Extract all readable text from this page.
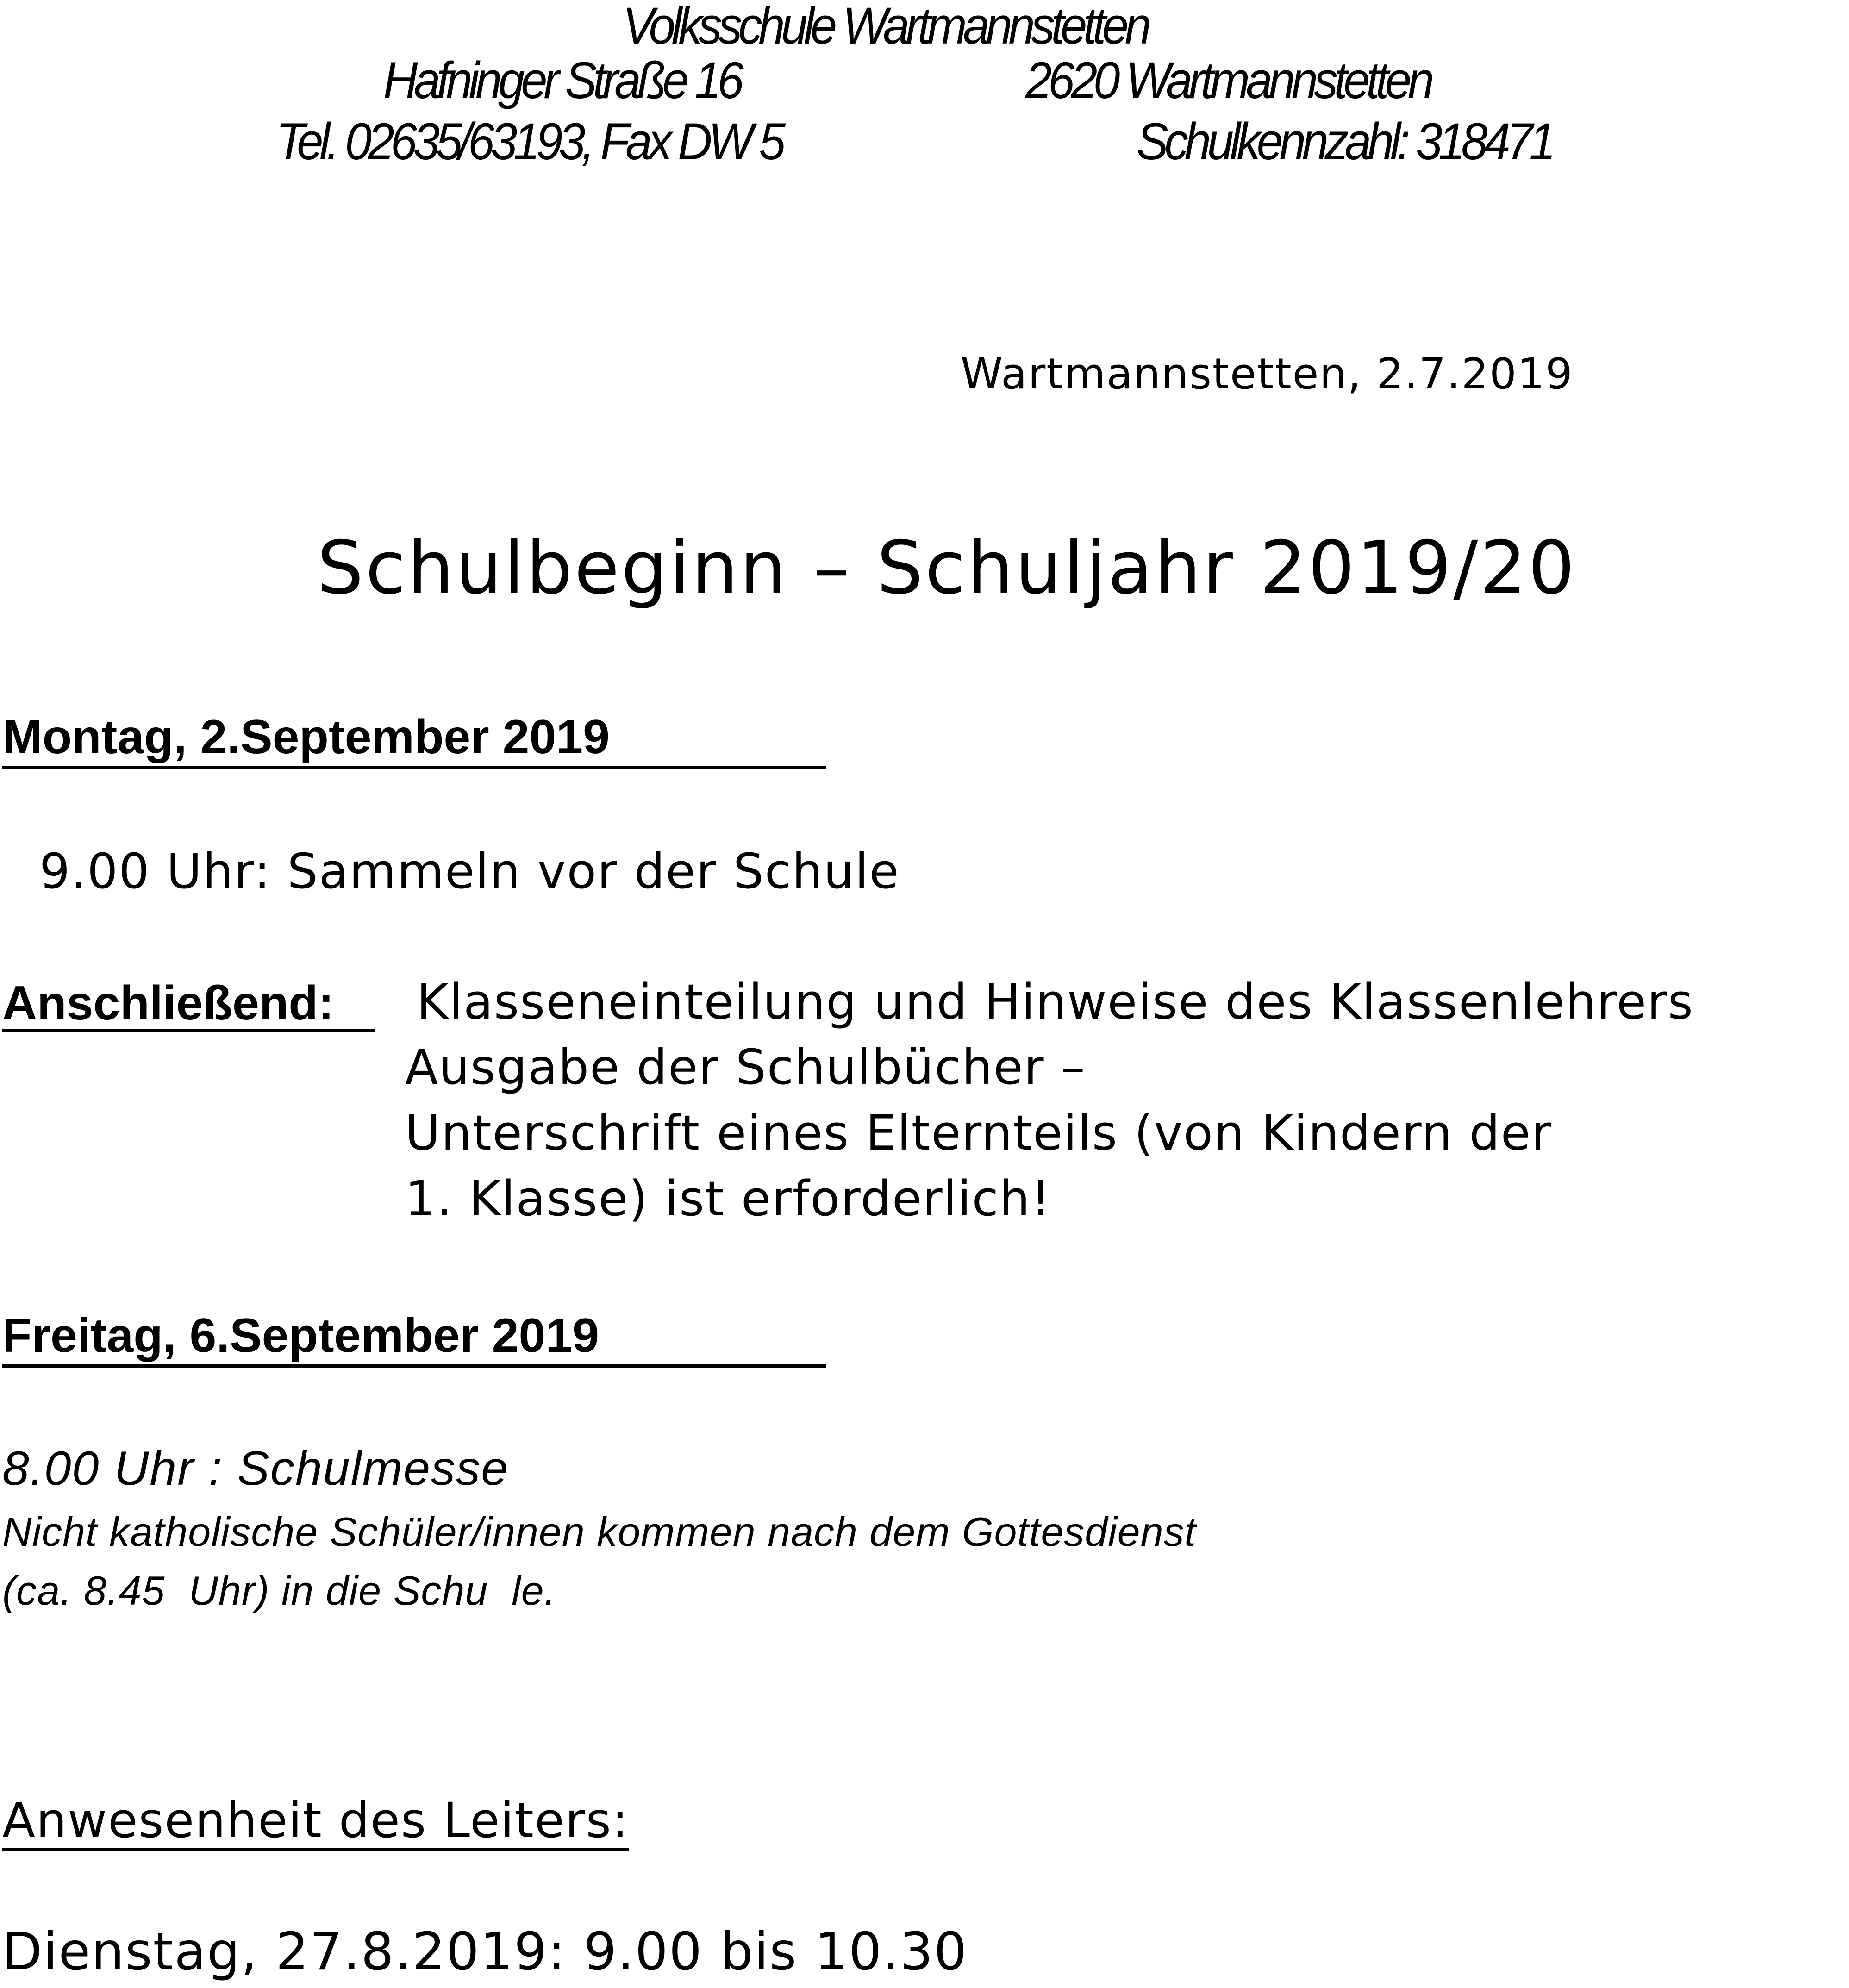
Volksschule Wartmannstetten
Hafninger Straße 16	2620 Wartmannstetten
Tel. 02635/63193, Fax DW 5	Schulkennzahl: 318471
Wartmannstetten, 2.7.2019
Schulbeginn – Schuljahr 2019/20
Montag, 2.September 2019
9.00 Uhr: Sammeln vor der Schule
Anschließend:	Klasseneinteilung und Hinweise des Klassenlehrers
Ausgabe der Schulbücher –
Unterschrift eines Elternteils (von Kindern der
1. Klasse) ist erforderlich!
Freitag, 6.September 2019
8.00 Uhr : Schulmesse
Nicht katholische Schüler/innen kommen nach dem Gottesdienst
(ca. 8.45  Uhr) in die Schu  le.
Anwesenheit des Leiters:
Dienstag, 27.8.2019: 9.00 bis 10.30
